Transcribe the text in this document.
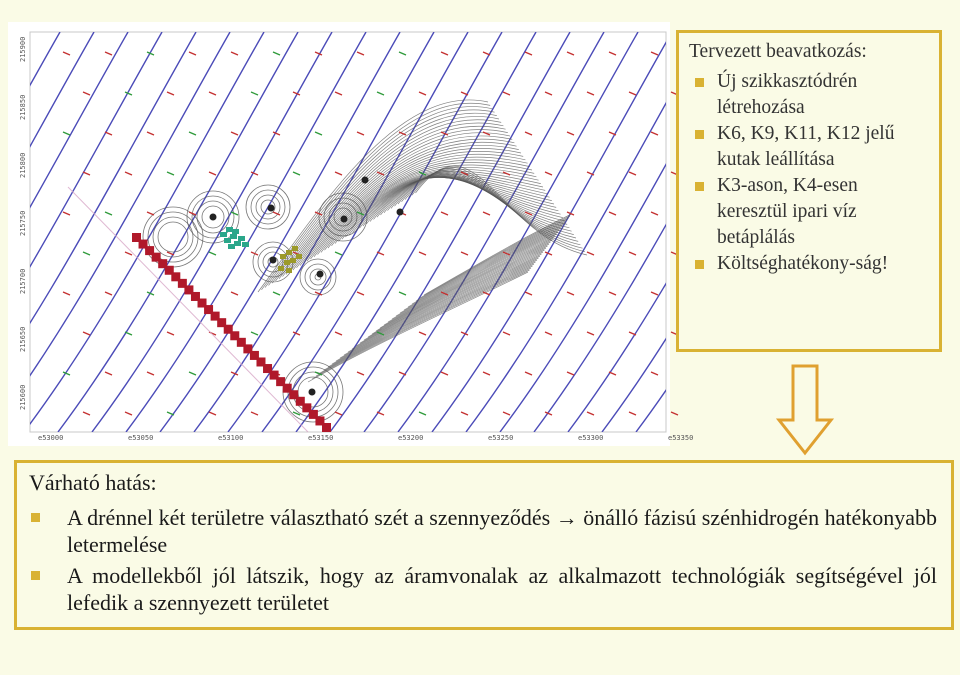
e53000	e53050	e53100	e53150	e53200	e53250	e53300	e53350
215900
215850
215800
215750
215700
215650
215600
Tervezett beavatkozás:
Új szikkasztódrén létrehozása
K6, K9, K11, K12 jelű kutak leállítása
K3-ason, K4-esen keresztül ipari víz betáplálás
Költséghatékony-ság!
Várható hatás:
A drénnel két területre választható szét a szennyeződés → önálló fázisú szénhidrogén hatékonyabb letermelése
A modellekből jól látszik, hogy az áramvonalak az alkalmazott technológiák segítségével jól lefedik a szennyezett területet
